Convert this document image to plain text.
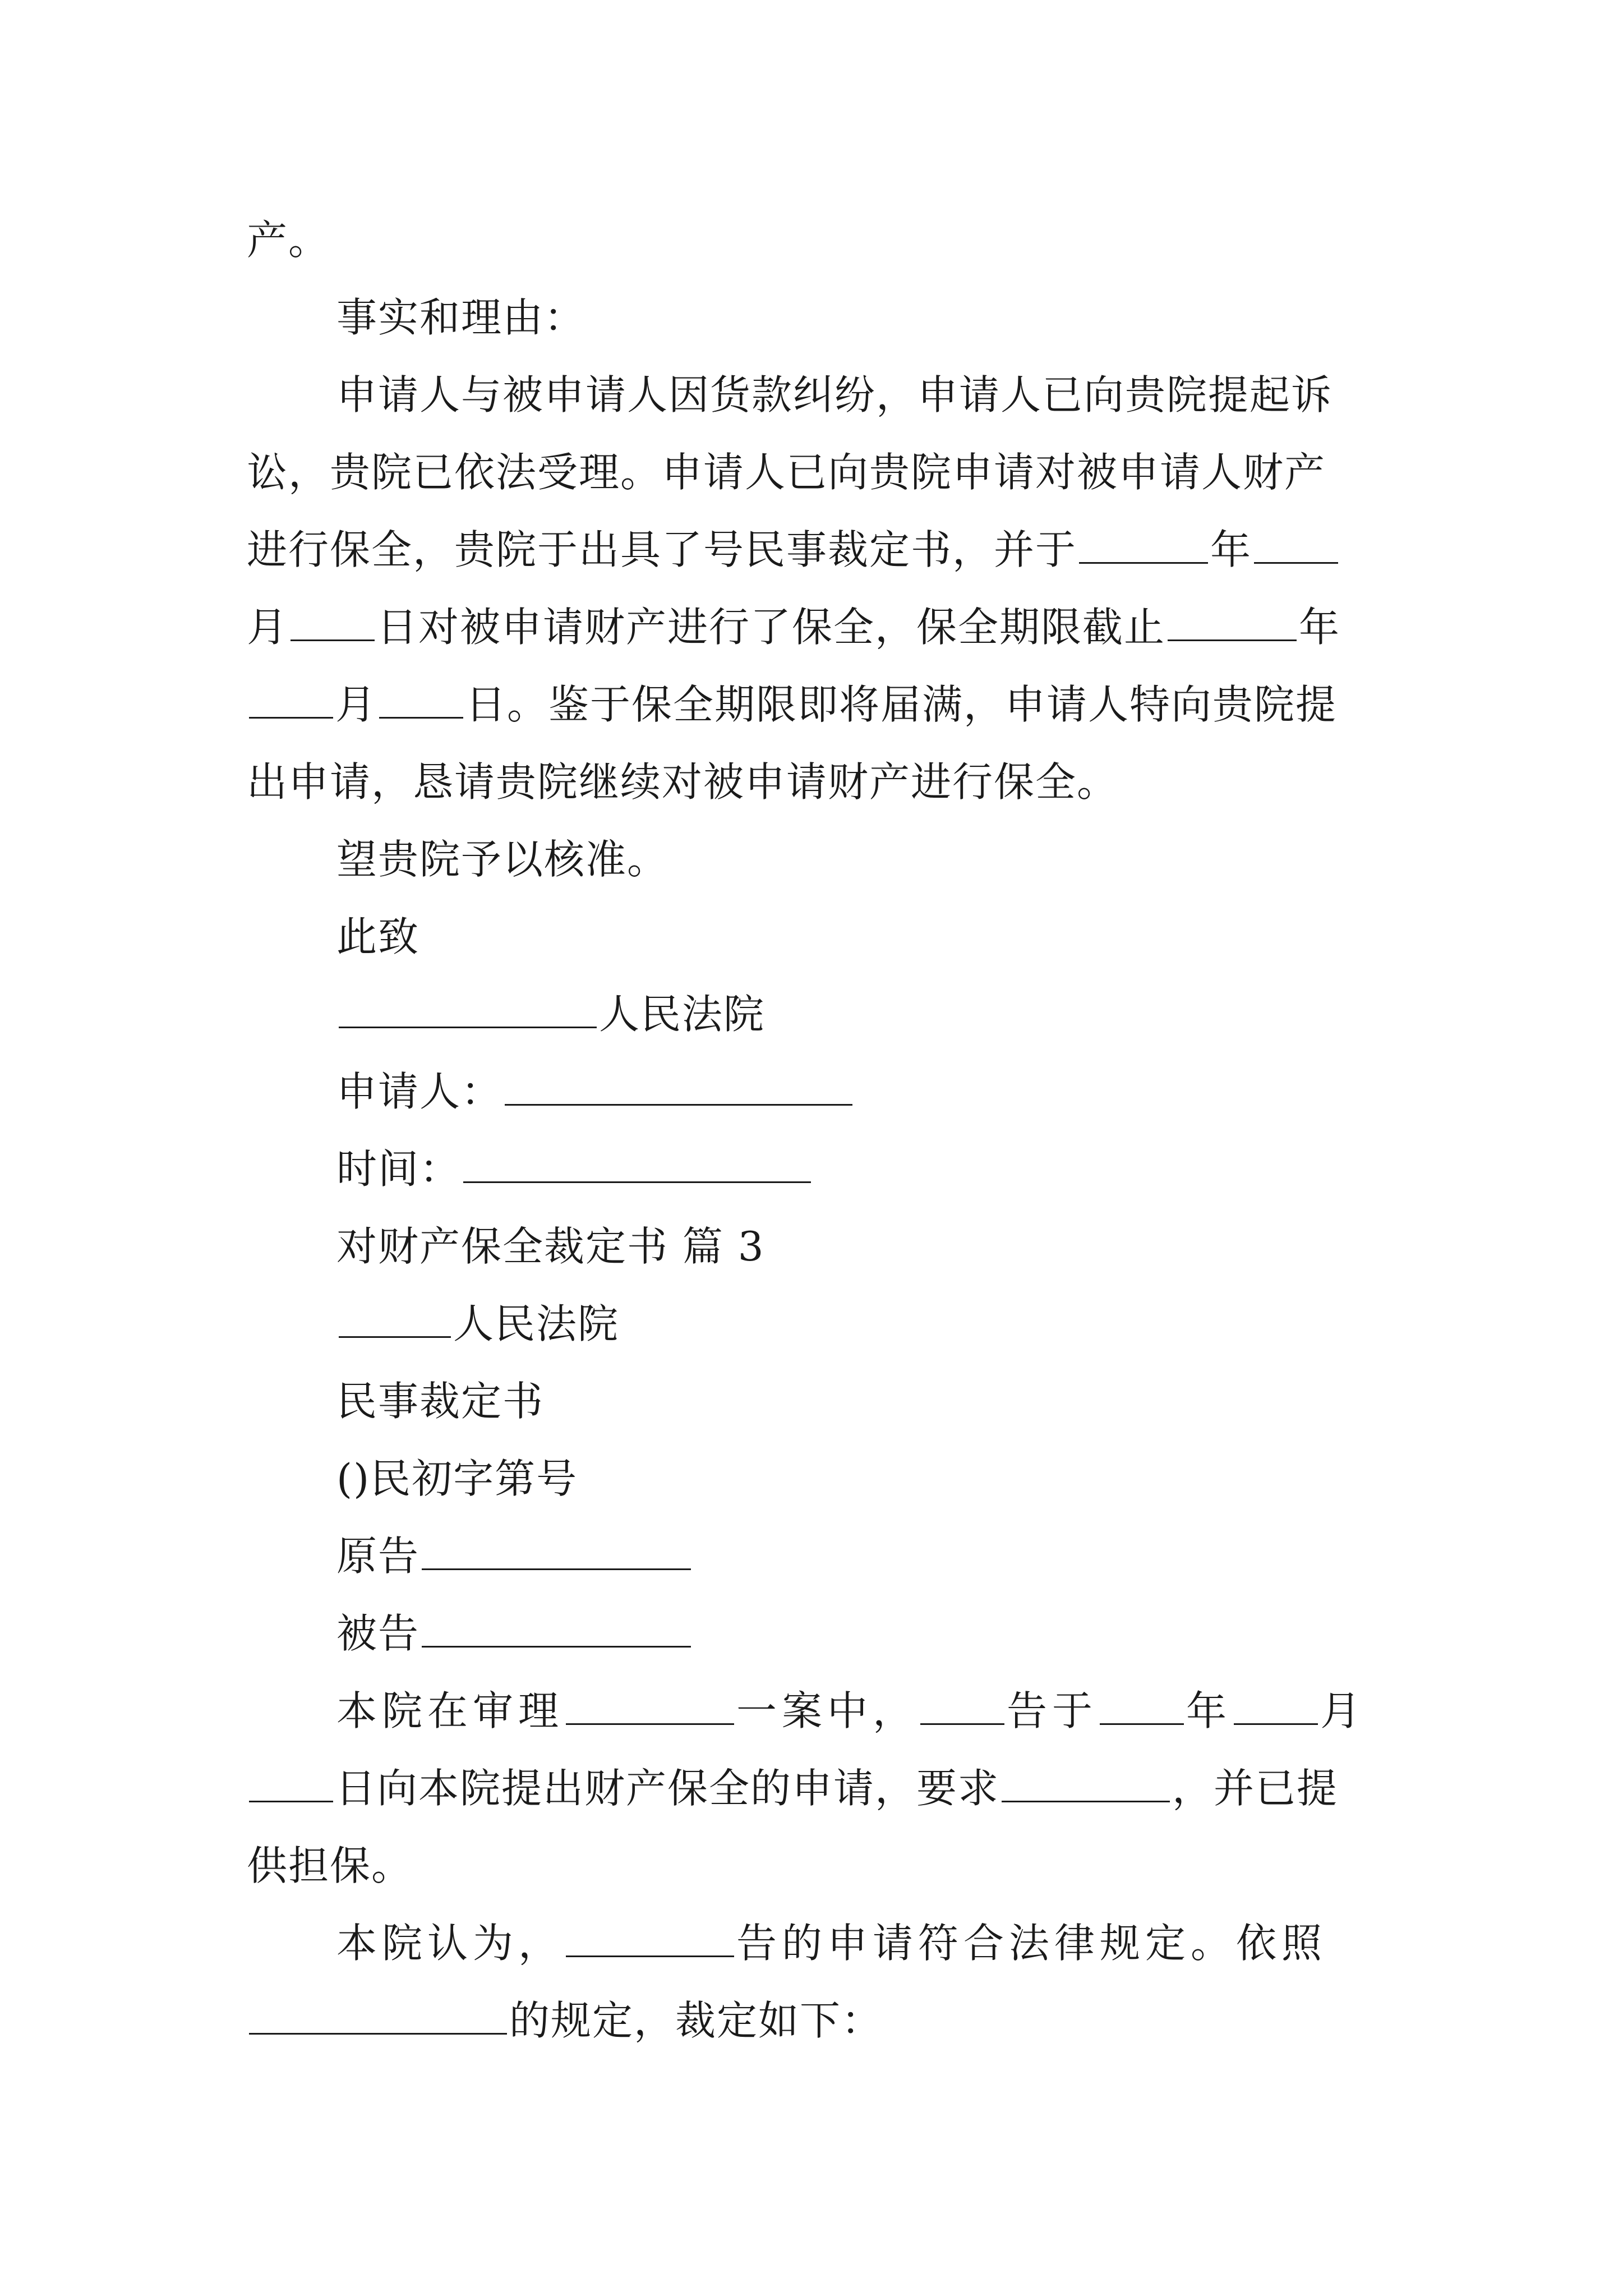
产。
事实和理由：
申请人与被申请人因货款纠纷，申请人已向贵院提起诉
讼，贵院已依法受理。申请人已向贵院申请对被申请人财产
进行保全，贵院于出具了号民事裁定书，并于	年
月 日对被申请财产进行了保全，保全期限截止	年
月 日。鉴于保全期限即将届满，申请人特向贵院提
出申请，恳请贵院继续对被申请财产进行保全。
望贵院予以核准。
此致
人民法院
申请人：
时间：
对财产保全裁定书 篇 3
人民法院
民事裁定书
()民初字第号
原告
被告
本院在审理	一案中， 告于 年 月
日向本院提出财产保全的申请，要求	，并已提
供担保。
本院认为，	告的申请符合法律规定。依照
的规定，裁定如下：
